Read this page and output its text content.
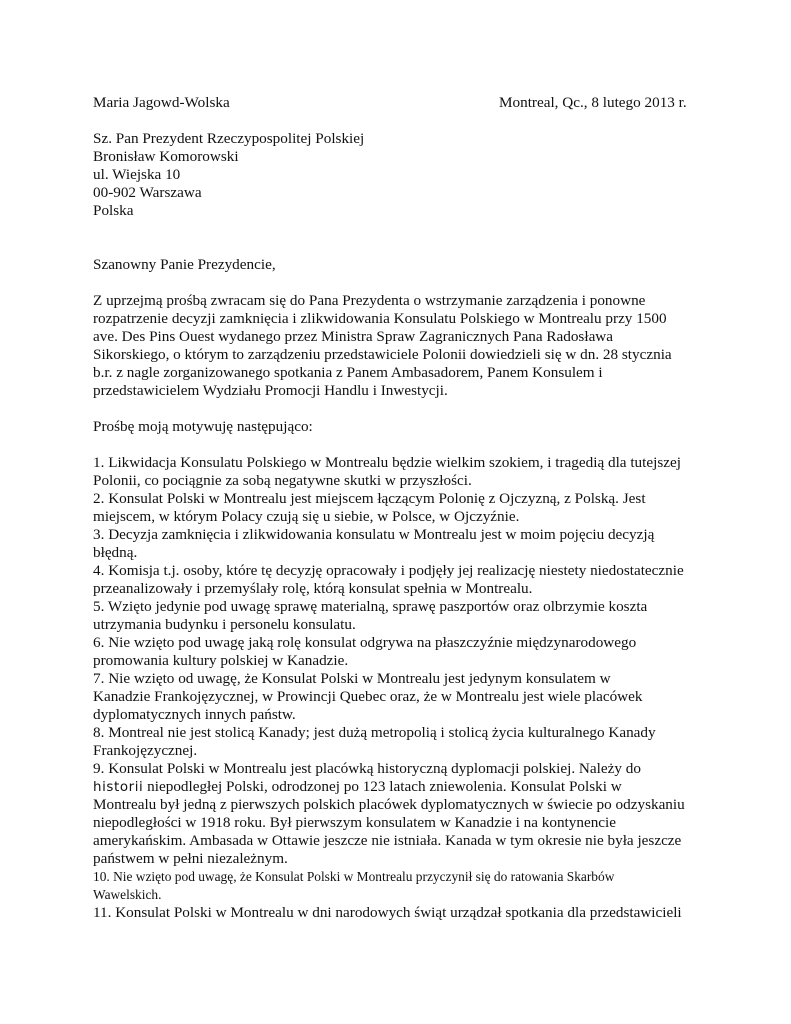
Maria Jagowd-Wolska	Montreal, Qc., 8 lutego 2013 r.
Sz. Pan Prezydent Rzeczypospolitej Polskiej
Bronisław Komorowski
ul. Wiejska 10
00-902 Warszawa
Polska
Szanowny Panie Prezydencie,
Z uprzejmą prośbą zwracam się do Pana Prezydenta o wstrzymanie zarządzenia i ponowne
rozpatrzenie decyzji zamknięcia i zlikwidowania Konsulatu Polskiego w Montrealu przy 1500
ave. Des Pins Ouest wydanego przez Ministra Spraw Zagranicznych Pana Radosława
Sikorskiego, o którym to zarządzeniu przedstawiciele Polonii dowiedzieli się w dn. 28 stycznia
b.r. z nagle zorganizowanego spotkania z Panem Ambasadorem, Panem Konsulem i
przedstawicielem Wydziału Promocji Handlu i Inwestycji.
Prośbę moją motywuję następująco:
1. Likwidacja Konsulatu Polskiego w Montrealu będzie wielkim szokiem, i tragedią dla tutejszej
Polonii, co pociągnie za sobą negatywne skutki w przyszłości.
2. Konsulat Polski w Montrealu jest miejscem łączącym Polonię z Ojczyzną, z Polską. Jest
miejscem, w którym Polacy czują się u siebie, w Polsce, w Ojczyźnie.
3. Decyzja zamknięcia i zlikwidowania konsulatu w Montrealu jest w moim pojęciu decyzją
błędną.
4. Komisja t.j. osoby, które tę decyzję opracowały i podjęły jej realizację niestety niedostatecznie
przeanalizowały i przemyślały rolę, którą konsulat spełnia w Montrealu.
5. Wzięto jedynie pod uwagę sprawę materialną, sprawę paszportów oraz olbrzymie koszta
utrzymania budynku i personelu konsulatu.
6. Nie wzięto pod uwagę jaką rolę konsulat odgrywa na płaszczyźnie międzynarodowego
promowania kultury polskiej w Kanadzie.
7. Nie wzięto od uwagę, że Konsulat Polski w Montrealu jest jedynym konsulatem w
Kanadzie Frankojęzycznej, w Prowincji Quebec oraz, że w Montrealu jest wiele placówek
dyplomatycznych innych państw.
8. Montreal nie jest stolicą Kanady; jest dużą metropolią i stolicą życia kulturalnego Kanady
Frankojęzycznej.
9. Konsulat Polski w Montrealu jest placówką historyczną dyplomacji polskiej. Należy do
historii niepodległej Polski, odrodzonej po 123 latach zniewolenia. Konsulat Polski w
Montrealu był jedną z pierwszych polskich placówek dyplomatycznych w świecie po odzyskaniu
niepodległości w 1918 roku. Był pierwszym konsulatem w Kanadzie i na kontynencie
amerykańskim. Ambasada w Ottawie jeszcze nie istniała. Kanada w tym okresie nie była jeszcze
państwem w pełni niezależnym.
10. Nie wzięto pod uwagę, że Konsulat Polski w Montrealu przyczynił się do ratowania Skarbów
Wawelskich.
11. Konsulat Polski w Montrealu w dni narodowych świąt urządzał spotkania dla przedstawicieli
